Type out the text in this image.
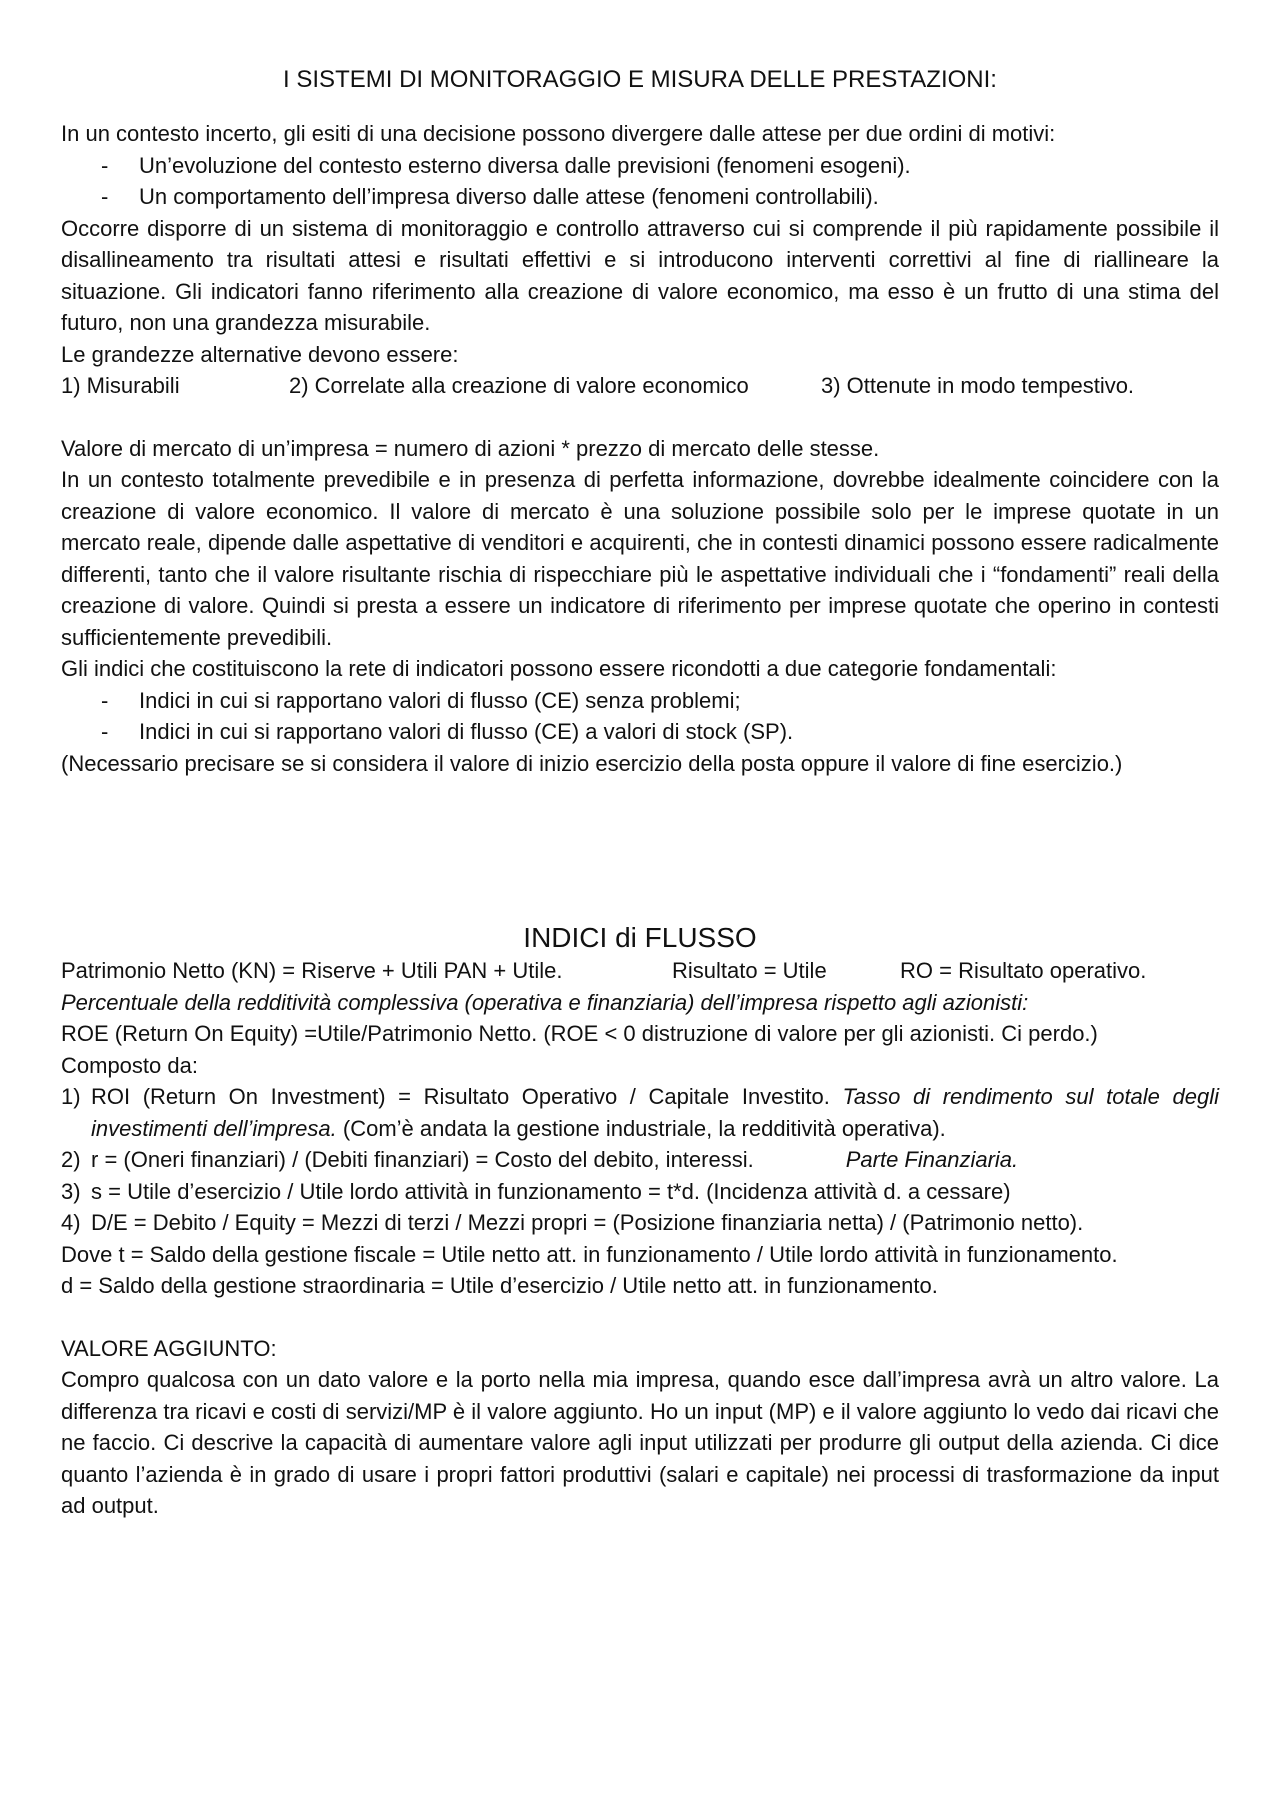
I SISTEMI DI MONITORAGGIO E MISURA DELLE PRESTAZIONI:

In un contesto incerto, gli esiti di una decisione possono divergere dalle attese per due ordini di motivi:

-	Un’evoluzione del contesto esterno diversa dalle previsioni (fenomeni esogeni).
-	Un comportamento dell’impresa diverso dalle attese (fenomeni controllabili).

Occorre disporre di un sistema di monitoraggio e controllo attraverso cui si comprende il più rapidamente possibile il disallineamento tra risultati attesi e risultati effettivi e si introducono interventi correttivi al fine di riallineare la situazione. Gli indicatori fanno riferimento alla creazione di valore economico, ma esso è un frutto di una stima del futuro, non una grandezza misurabile.

Le grandezze alternative devono essere:

1) Misurabili	2) Correlate alla creazione di valore economico	3) Ottenute in modo tempestivo.

Valore di mercato di un’impresa = numero di azioni * prezzo di mercato delle stesse.

In un contesto totalmente prevedibile e in presenza di perfetta informazione, dovrebbe idealmente coincidere con la creazione di valore economico. Il valore di mercato è una soluzione possibile solo per le imprese quotate in un mercato reale, dipende dalle aspettative di venditori e acquirenti, che in contesti dinamici possono essere radicalmente differenti, tanto che il valore risultante rischia di rispecchiare più le aspettative individuali che i “fondamenti” reali della creazione di valore. Quindi si presta a essere un indicatore di riferimento per imprese quotate che operino in contesti sufficientemente prevedibili.

Gli indici che costituiscono la rete di indicatori possono essere ricondotti a due categorie fondamentali:

-	Indici in cui si rapportano valori di flusso (CE) senza problemi;
-	Indici in cui si rapportano valori di flusso (CE) a valori di stock (SP).

(Necessario precisare se si considera il valore di inizio esercizio della posta oppure il valore di fine esercizio.)

INDICI di FLUSSO

Patrimonio Netto (KN) = Riserve + Utili PAN + Utile.	Risultato = Utile	RO = Risultato operativo.

Percentuale della redditività complessiva (operativa e finanziaria) dell’impresa rispetto agli azionisti:

ROE (Return On Equity) =Utile/Patrimonio Netto. (ROE < 0 distruzione di valore per gli azionisti. Ci perdo.)

Composto da:

1) ROI (Return On Investment) = Risultato Operativo / Capitale Investito. Tasso di rendimento sul totale degli investimenti dell’impresa. (Com’è andata la gestione industriale, la redditività operativa).
2) r = (Oneri finanziari) / (Debiti finanziari) = Costo del debito, interessi.	Parte Finanziaria.
3) s = Utile d’esercizio / Utile lordo attività in funzionamento = t*d. (Incidenza attività d. a cessare)
4) D/E = Debito / Equity = Mezzi di terzi / Mezzi propri = (Posizione finanziaria netta) / (Patrimonio netto).

Dove t = Saldo della gestione fiscale = Utile netto att. in funzionamento / Utile lordo attività in funzionamento.

d = Saldo della gestione straordinaria = Utile d’esercizio / Utile netto att. in funzionamento.

VALORE AGGIUNTO:

Compro qualcosa con un dato valore e la porto nella mia impresa, quando esce dall’impresa avrà un altro valore. La differenza tra ricavi e costi di servizi/MP è il valore aggiunto. Ho un input (MP) e il valore aggiunto lo vedo dai ricavi che ne faccio. Ci descrive la capacità di aumentare valore agli input utilizzati per produrre gli output della azienda. Ci dice quanto l’azienda è in grado di usare i propri fattori produttivi (salari e capitale) nei processi di trasformazione da input ad output.
